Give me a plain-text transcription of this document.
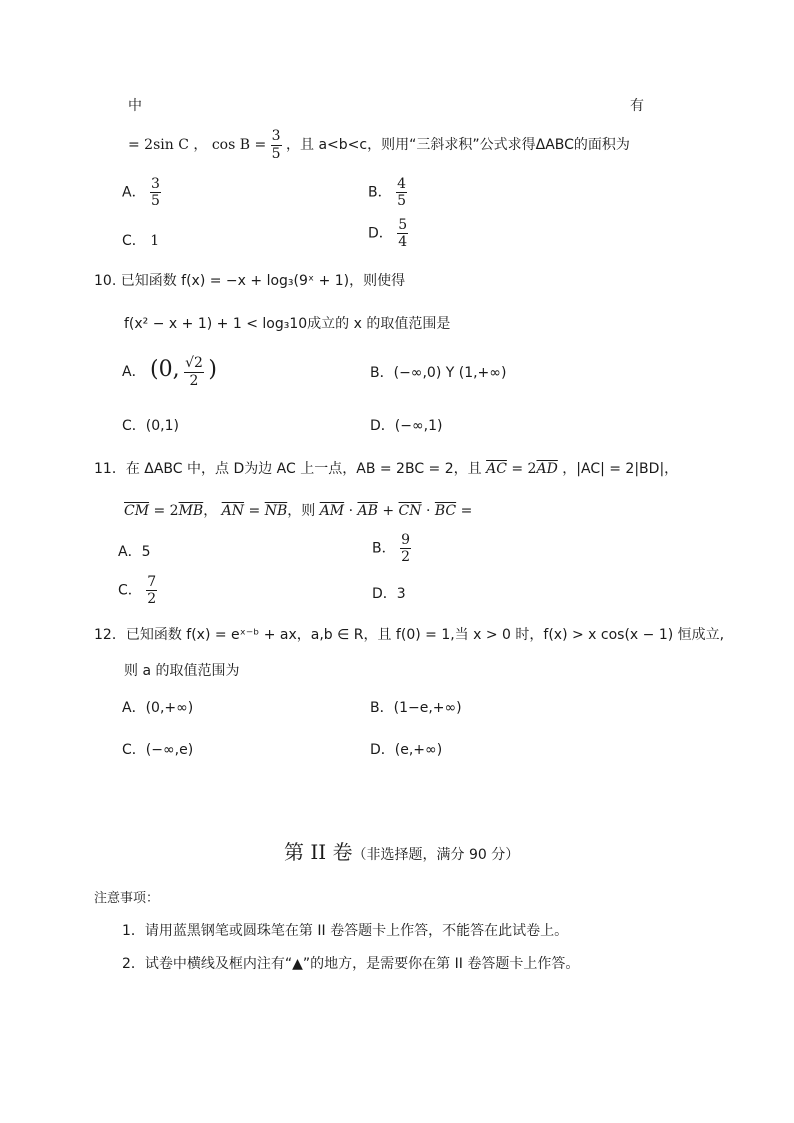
中	有
= 2sin C ， $\cos B = \frac{3}{5}$ ，且 a<b<c，则用“三斜求积”公式求得ΔABC的面积为
A． $\frac{3}{5}$	B． $\frac{4}{5}$
C． 1	D． $\frac{5}{4}$
10. 已知函数 f(x) = −x + log₃(9ˣ + 1)，则使得
f(x² − x + 1) + 1 < log₃10成立的 x 的取值范围是
A． (0, $\frac{√2}{2}$ )	B．(−∞,0) Y (1,+∞)
C．(0,1)	D．(−∞,1)
11．在 ΔABC 中，点 D为边 AC 上一点，AB = 2BC = 2，且 $\overline{AC} = 2\overline{AD}$ ，|AC| = 2|BD|，
$\overline{CM} = 2\overline{MB}$， $\overline{AN} = \overline{NB}$，则 $\overline{AM} \cdot \overline{AB} + \overline{CN} \cdot \overline{BC}$ =
A．5	B． $\frac{9}{2}$
C． $\frac{7}{2}$	D．3
12．已知函数 f(x) = eˣ⁻ᵇ + ax，a,b ∈ R，且 f(0) = 1,当 x > 0 时，f(x) > x cos(x − 1) 恒成立,
则 a 的取值范围为
A．(0,+∞)	B．(1−e,+∞)
C．(−∞,e)	D．(e,+∞)
第 II 卷（非选择题，满分 90 分）
注意事项：
1．请用蓝黑钢笔或圆珠笔在第 II 卷答题卡上作答，不能答在此试卷上。
2．试卷中横线及框内注有“▲”的地方，是需要你在第 II 卷答题卡上作答。
